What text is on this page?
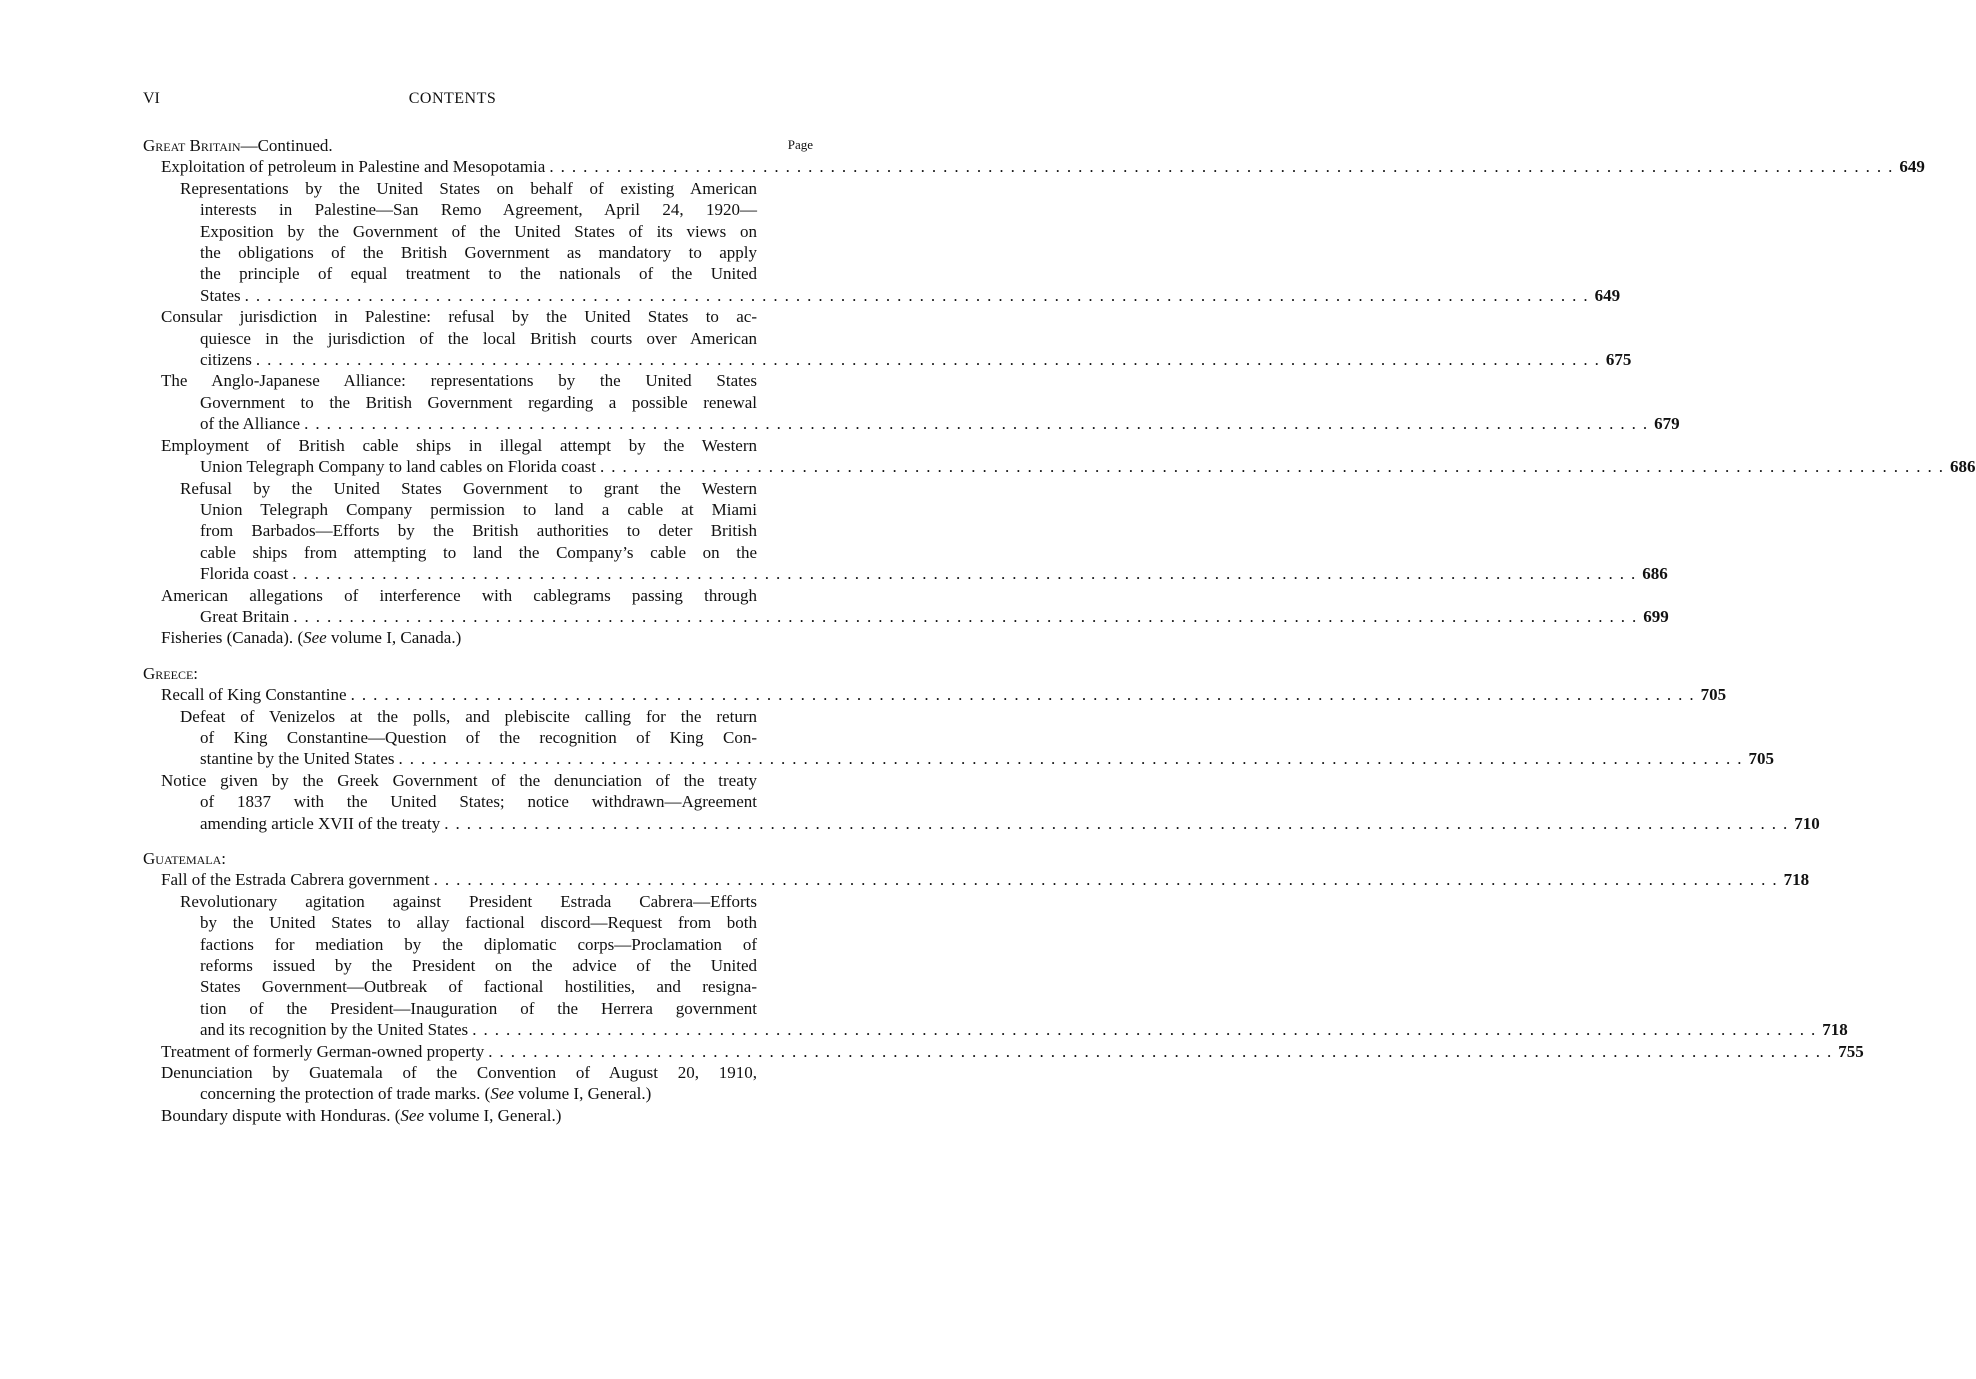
VI	CONTENTS
Page
Great Britain—Continued.
Exploitation of petroleum in Palestine and Mesopotamia ........................................................................................................................ 649
Representations by the United States on behalf of existing American
interests in Palestine—San Remo Agreement, April 24, 1920—
Exposition by the Government of the United States of its views on
the obligations of the British Government as mandatory to apply
the principle of equal treatment to the nationals of the United
States ........................................................................................................................ 649
Consular jurisdiction in Palestine: refusal by the United States to ac-
quiesce in the jurisdiction of the local British courts over American
citizens ........................................................................................................................ 675
The Anglo-Japanese Alliance: representations by the United States
Government to the British Government regarding a possible renewal
of the Alliance ........................................................................................................................ 679
Employment of British cable ships in illegal attempt by the Western
Union Telegraph Company to land cables on Florida coast ........................................................................................................................ 686
Refusal by the United States Government to grant the Western
Union Telegraph Company permission to land a cable at Miami
from Barbados—Efforts by the British authorities to deter British
cable ships from attempting to land the Company’s cable on the
Florida coast ........................................................................................................................ 686
American allegations of interference with cablegrams passing through
Great Britain ........................................................................................................................ 699
Fisheries (Canada). (See volume I, Canada.)
Greece:
Recall of King Constantine ........................................................................................................................ 705
Defeat of Venizelos at the polls, and plebiscite calling for the return
of King Constantine—Question of the recognition of King Con-
stantine by the United States ........................................................................................................................ 705
Notice given by the Greek Government of the denunciation of the treaty
of 1837 with the United States; notice withdrawn—Agreement
amending article XVII of the treaty ........................................................................................................................ 710
Guatemala:
Fall of the Estrada Cabrera government ........................................................................................................................ 718
Revolutionary agitation against President Estrada Cabrera—Efforts
by the United States to allay factional discord—Request from both
factions for mediation by the diplomatic corps—Proclamation of
reforms issued by the President on the advice of the United
States Government—Outbreak of factional hostilities, and resigna-
tion of the President—Inauguration of the Herrera government
and its recognition by the United States ........................................................................................................................ 718
Treatment of formerly German-owned property ........................................................................................................................ 755
Denunciation by Guatemala of the Convention of August 20, 1910,
concerning the protection of trade marks. (See volume I, General.)
Boundary dispute with Honduras. (See volume I, General.)
